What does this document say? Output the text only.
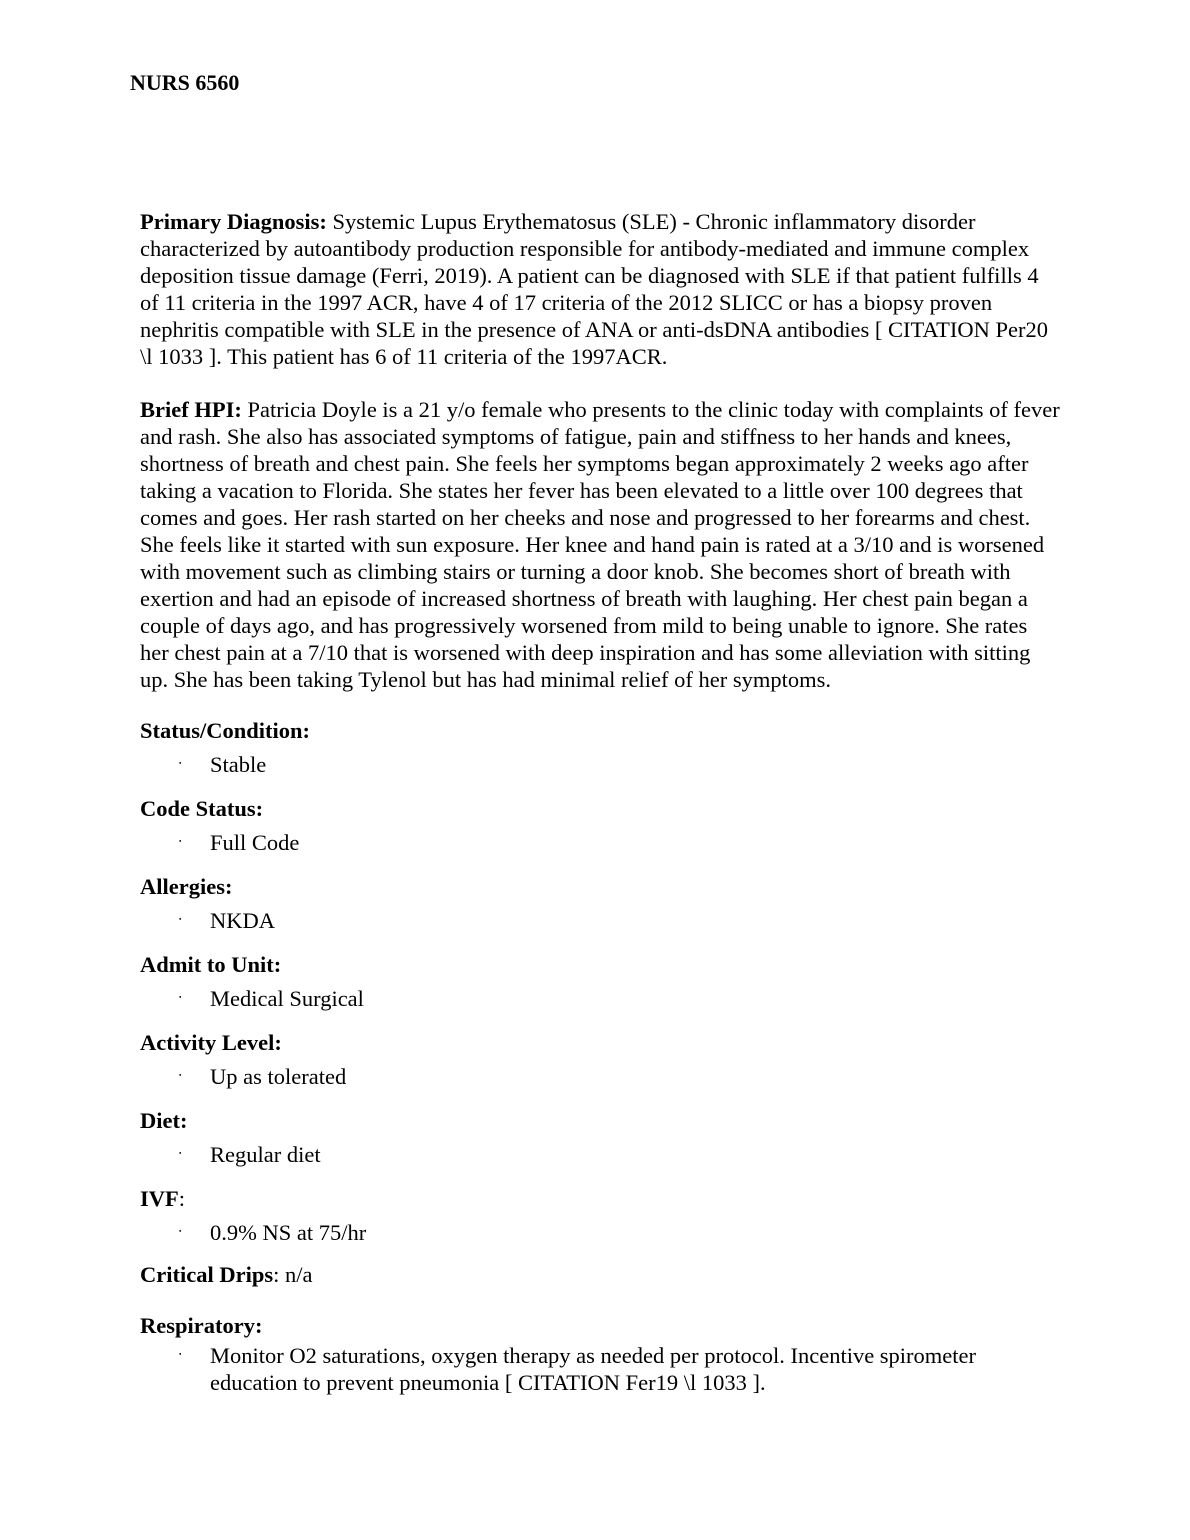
NURS 6560

Primary Diagnosis: Systemic Lupus Erythematosus (SLE) - Chronic inflammatory disorder characterized by autoantibody production responsible for antibody-mediated and immune complex deposition tissue damage (Ferri, 2019). A patient can be diagnosed with SLE if that patient fulfills 4 of 11 criteria in the 1997 ACR, have 4 of 17 criteria of the 2012 SLICC or has a biopsy proven nephritis compatible with SLE in the presence of ANA or anti-dsDNA antibodies [ CITATION Per20 \l 1033 ]. This patient has 6 of 11 criteria of the 1997ACR.

Brief HPI: Patricia Doyle is a 21 y/o female who presents to the clinic today with complaints of fever and rash. She also has associated symptoms of fatigue, pain and stiffness to her hands and knees, shortness of breath and chest pain. She feels her symptoms began approximately 2 weeks ago after taking a vacation to Florida. She states her fever has been elevated to a little over 100 degrees that comes and goes. Her rash started on her cheeks and nose and progressed to her forearms and chest. She feels like it started with sun exposure. Her knee and hand pain is rated at a 3/10 and is worsened with movement such as climbing stairs or turning a door knob. She becomes short of breath with exertion and had an episode of increased shortness of breath with laughing. Her chest pain began a couple of days ago, and has progressively worsened from mild to being unable to ignore. She rates her chest pain at a 7/10 that is worsened with deep inspiration and has some alleviation with sitting up. She has been taking Tylenol but has had minimal relief of her symptoms.

Status/Condition:
‧ Stable
Code Status:
‧ Full Code
Allergies:
‧ NKDA
Admit to Unit:
‧ Medical Surgical
Activity Level:
‧ Up as tolerated
Diet:
‧ Regular diet
IVF:
‧ 0.9% NS at 75/hr
Critical Drips: n/a
Respiratory:
‧ Monitor O2 saturations, oxygen therapy as needed per protocol. Incentive spirometer education to prevent pneumonia [ CITATION Fer19 \l 1033 ].
